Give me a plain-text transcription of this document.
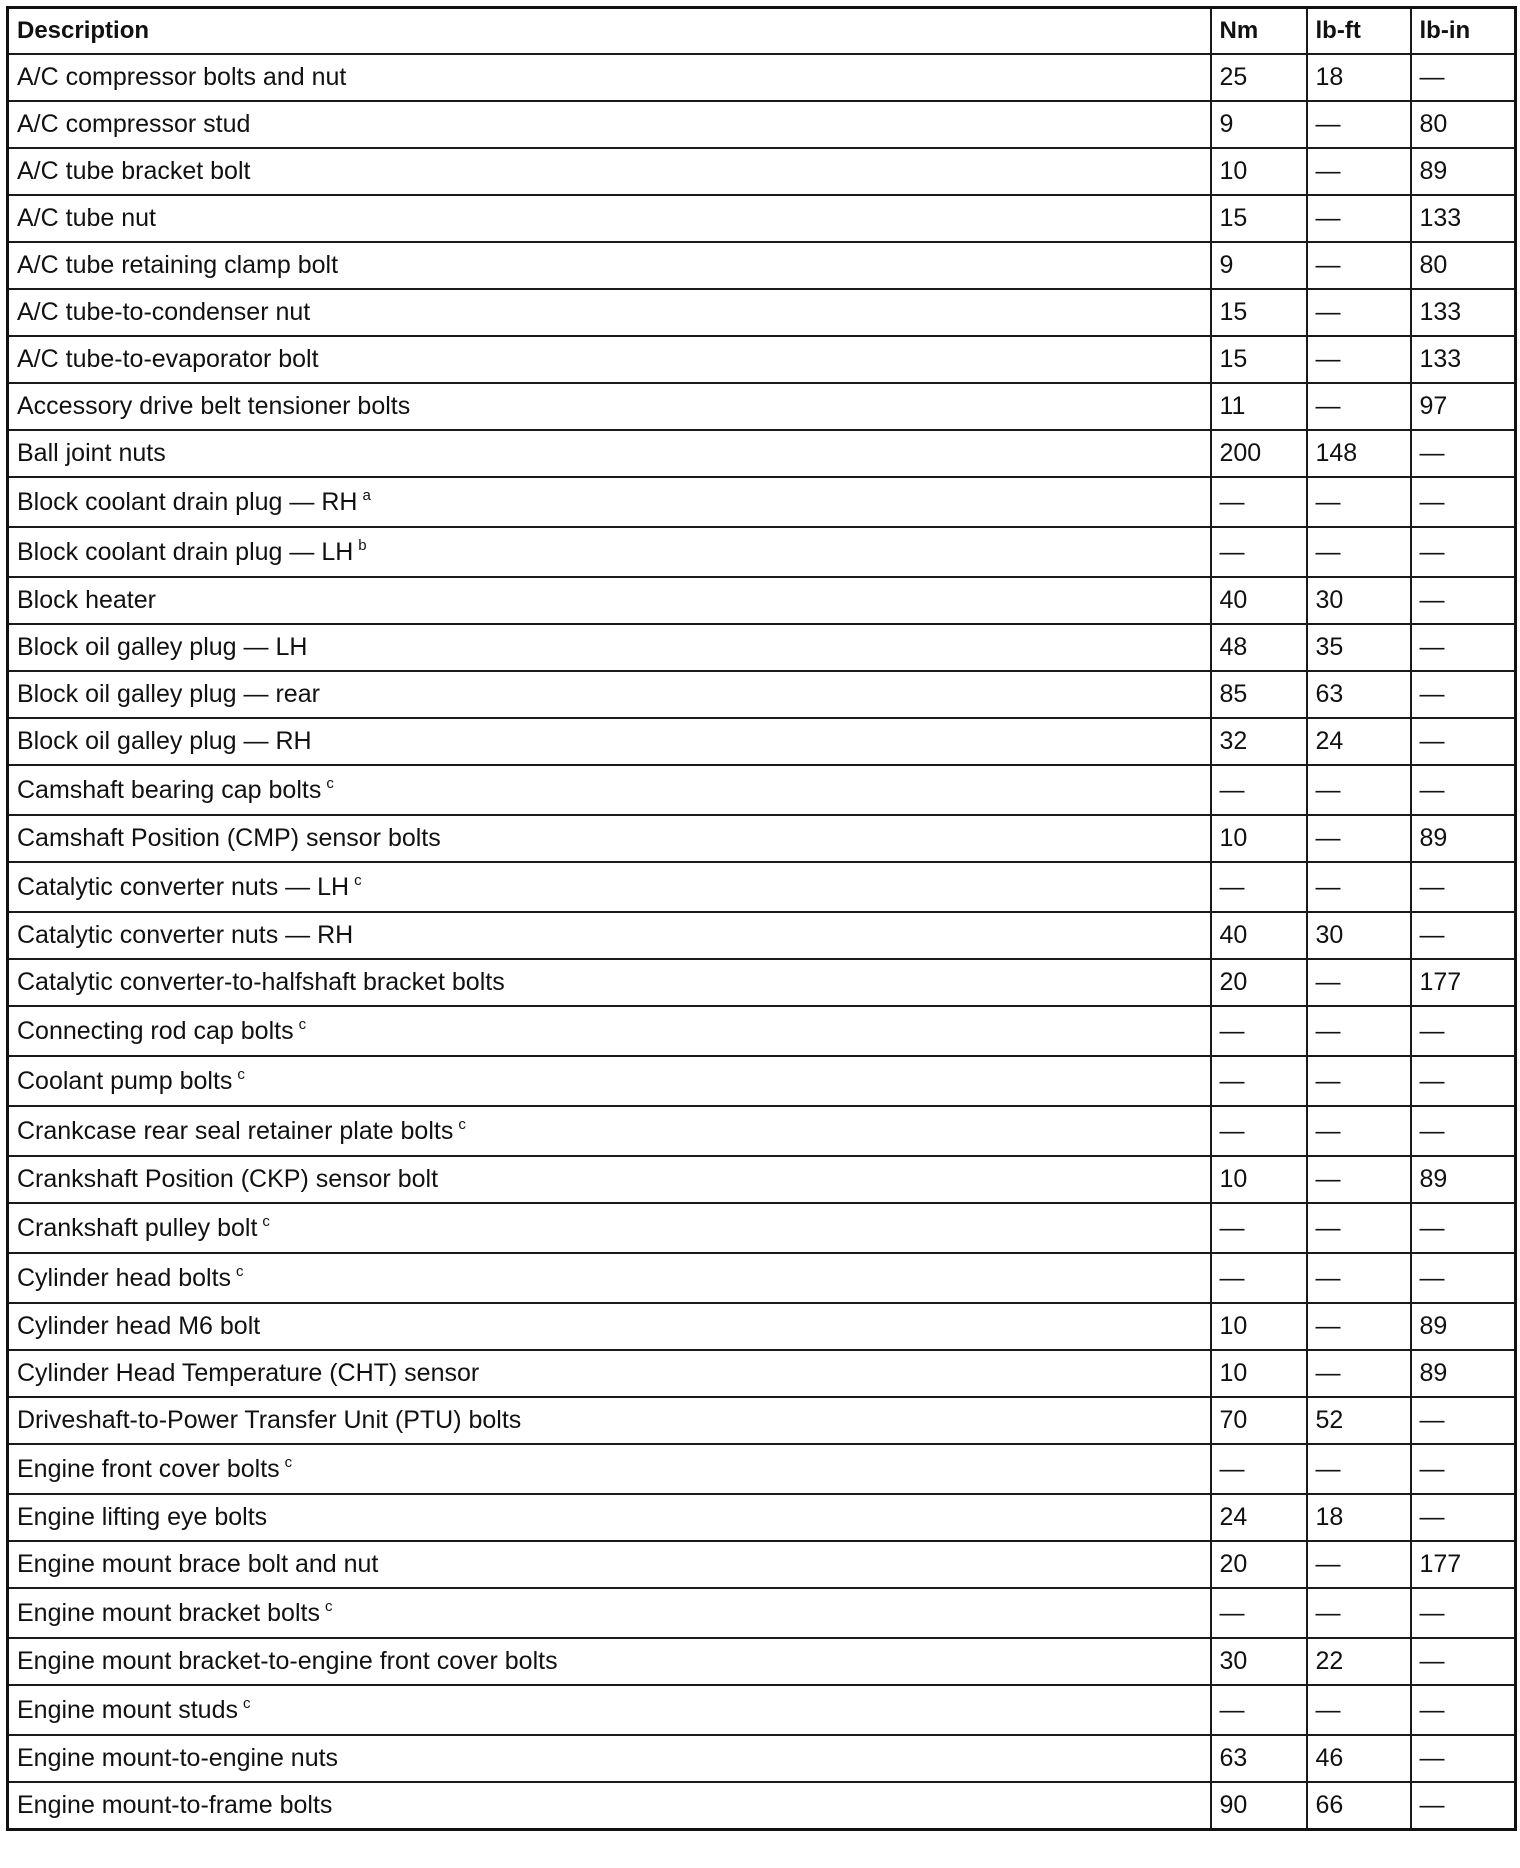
Description	Nm	lb-ft	lb-in
A/C compressor bolts and nut	25	18	—
A/C compressor stud	9	—	80
A/C tube bracket bolt	10	—	89
A/C tube nut	15	—	133
A/C tube retaining clamp bolt	9	—	80
A/C tube-to-condenser nut	15	—	133
A/C tube-to-evaporator bolt	15	—	133
Accessory drive belt tensioner bolts	11	—	97
Ball joint nuts	200	148	—
Block coolant drain plug — RH $^a$	—	—	—
Block coolant drain plug — LH $^b$	—	—	—
Block heater	40	30	—
Block oil galley plug — LH	48	35	—
Block oil galley plug — rear	85	63	—
Block oil galley plug — RH	32	24	—
Camshaft bearing cap bolts $^c$	—	—	—
Camshaft Position (CMP) sensor bolts	10	—	89
Catalytic converter nuts — LH $^c$	—	—	—
Catalytic converter nuts — RH	40	30	—
Catalytic converter-to-halfshaft bracket bolts	20	—	177
Connecting rod cap bolts $^c$	—	—	—
Coolant pump bolts $^c$	—	—	—
Crankcase rear seal retainer plate bolts $^c$	—	—	—
Crankshaft Position (CKP) sensor bolt	10	—	89
Crankshaft pulley bolt $^c$	—	—	—
Cylinder head bolts $^c$	—	—	—
Cylinder head M6 bolt	10	—	89
Cylinder Head Temperature (CHT) sensor	10	—	89
Driveshaft-to-Power Transfer Unit (PTU) bolts	70	52	—
Engine front cover bolts $^c$	—	—	—
Engine lifting eye bolts	24	18	—
Engine mount brace bolt and nut	20	—	177
Engine mount bracket bolts $^c$	—	—	—
Engine mount bracket-to-engine front cover bolts	30	22	—
Engine mount studs $^c$	—	—	—
Engine mount-to-engine nuts	63	46	—
Engine mount-to-frame bolts	90	66	—
